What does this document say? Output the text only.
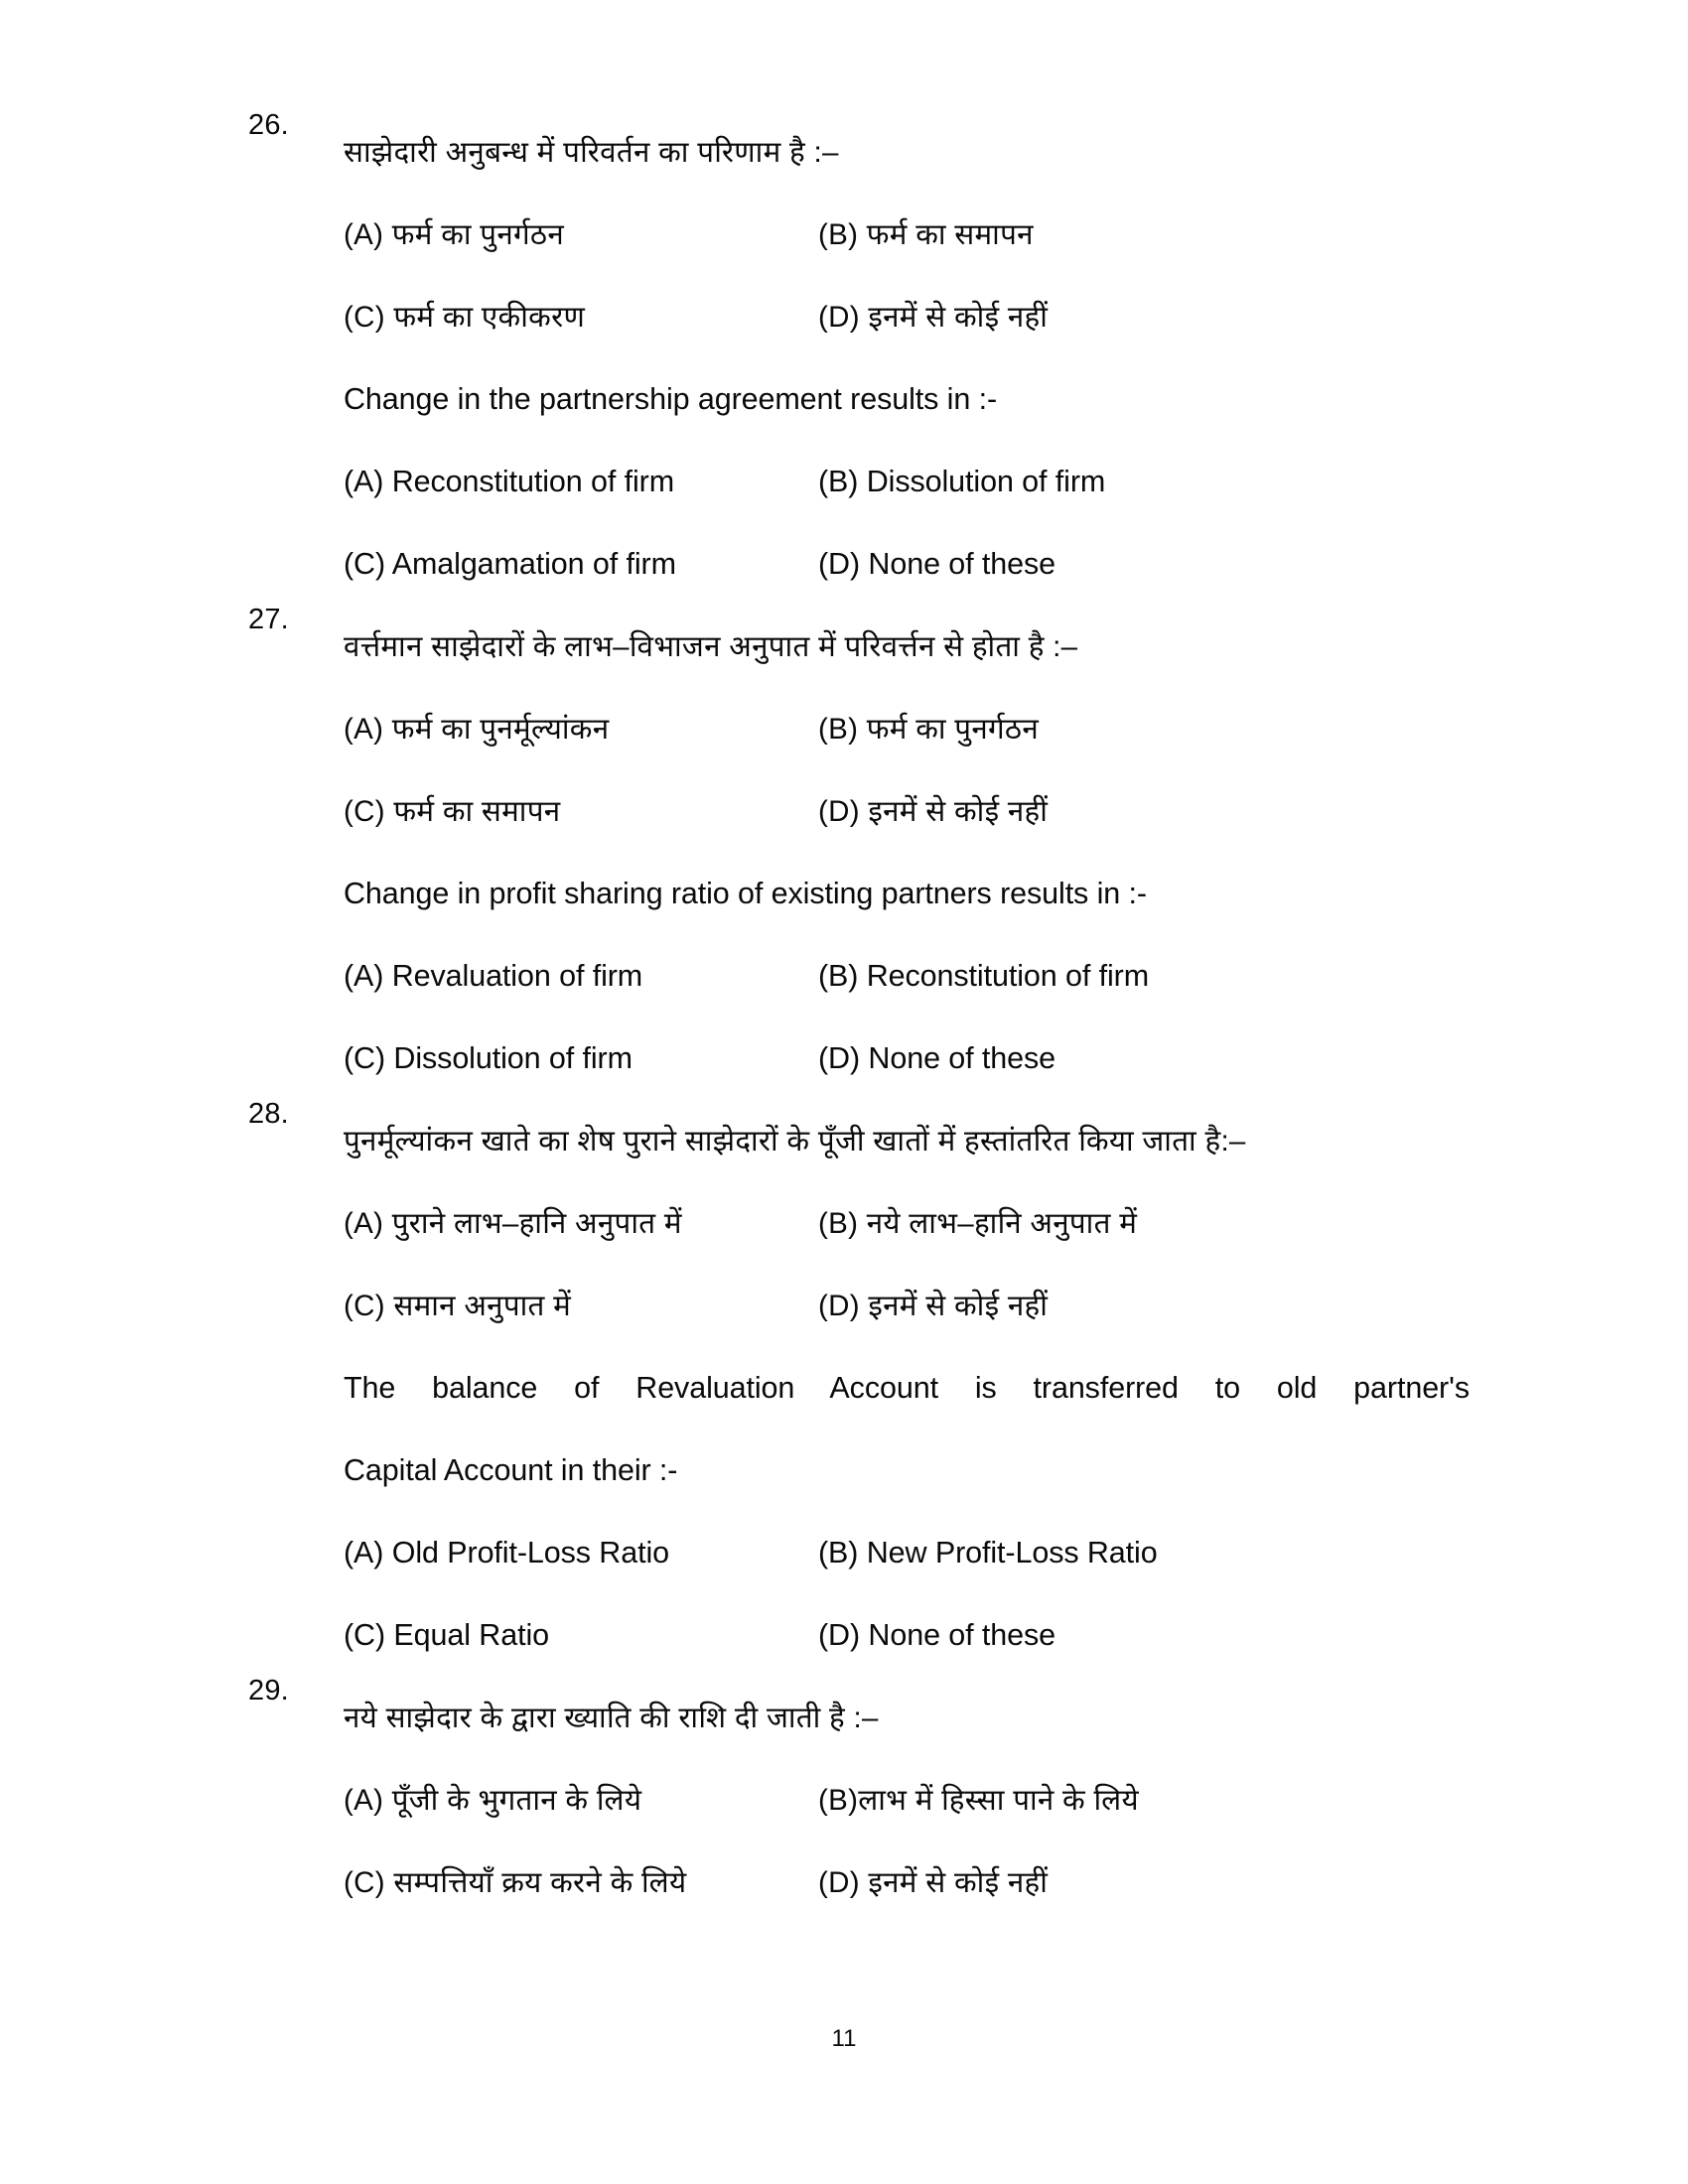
26.
साझेदारी अनुबन्ध में परिवर्तन का परिणाम है :–
(A) फर्म का पुनर्गठन	(B) फर्म का समापन
(C) फर्म का एकीकरण	(D) इनमें से कोई नहीं
Change in the partnership agreement results in :-
(A) Reconstitution of firm	(B) Dissolution of firm
(C) Amalgamation of firm	(D) None of these
27.
वर्त्तमान साझेदारों के लाभ–विभाजन अनुपात में परिवर्त्तन से होता है :–
(A) फर्म का पुनर्मूल्यांकन	(B) फर्म का पुनर्गठन
(C) फर्म का समापन	(D) इनमें से कोई नहीं
Change in profit sharing ratio of existing partners results in :-
(A) Revaluation of firm	(B) Reconstitution of firm
(C) Dissolution of firm	(D) None of these
28.
पुनर्मूल्यांकन खाते का शेष पुराने साझेदारों के पूँजी खातों में हस्तांतरित किया जाता है:–
(A) पुराने लाभ–हानि अनुपात में	(B) नये लाभ–हानि अनुपात में
(C) समान अनुपात में	(D) इनमें से कोई नहीं
The balance of Revaluation Account is transferred to old partner's
Capital Account in their :-
(A) Old Profit-Loss Ratio	(B) New Profit-Loss Ratio
(C) Equal Ratio	(D) None of these
29.
नये साझेदार के द्वारा ख्याति की राशि दी जाती है :–
(A) पूँजी के भुगतान के लिये	(B)लाभ में हिस्सा पाने के लिये
(C) सम्पत्तियाँ क्रय करने के लिये	(D) इनमें से कोई नहीं
11
